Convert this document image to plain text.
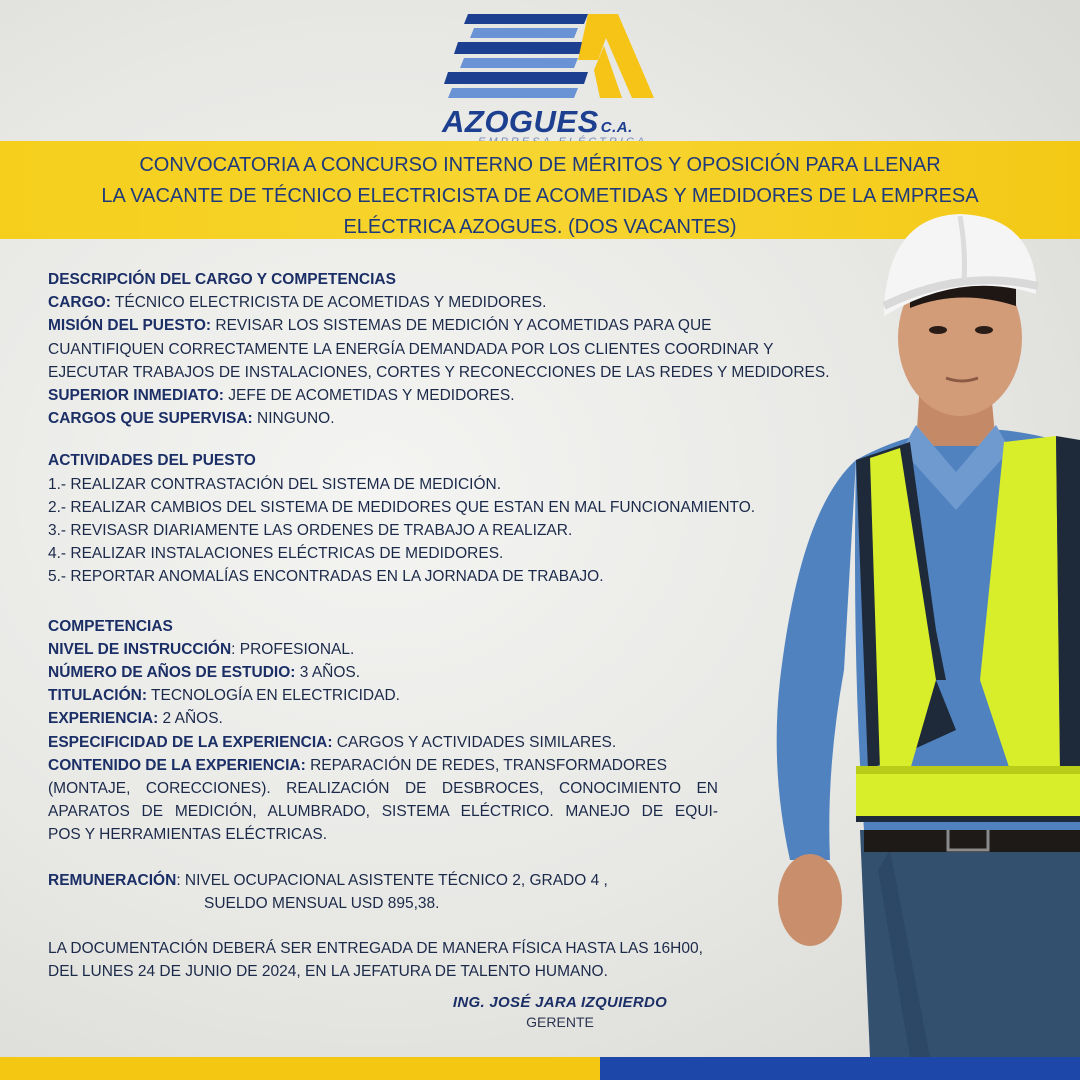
AZOGUES C.A.
CONVOCATORIA A CONCURSO INTERNO DE MÉRITOS Y OPOSICIÓN PARA LLENAR
LA VACANTE DE TÉCNICO ELECTRICISTA DE ACOMETIDAS Y MEDIDORES DE LA EMPRESA
ELÉCTRICA AZOGUES. (DOS VACANTES)
DESCRIPCIÓN DEL CARGO Y COMPETENCIAS
CARGO: TÉCNICO ELECTRICISTA DE ACOMETIDAS Y MEDIDORES.
MISIÓN DEL PUESTO: REVISAR LOS SISTEMAS DE MEDICIÓN Y ACOMETIDAS PARA QUE
CUANTIFIQUEN CORRECTAMENTE LA ENERGÍA DEMANDADA POR LOS CLIENTES COORDINAR Y
EJECUTAR TRABAJOS DE INSTALACIONES, CORTES Y RECONECCIONES DE LAS REDES Y MEDIDORES.
SUPERIOR INMEDIATO: JEFE DE ACOMETIDAS Y MEDIDORES.
CARGOS QUE SUPERVISA: NINGUNO.
ACTIVIDADES DEL PUESTO
1.- REALIZAR CONTRASTACIÓN DEL SISTEMA DE MEDICIÓN.
2.- REALIZAR CAMBIOS DEL SISTEMA DE MEDIDORES QUE ESTAN EN MAL FUNCIONAMIENTO.
3.- REVISASR DIARIAMENTE LAS ORDENES DE TRABAJO A REALIZAR.
4.- REALIZAR INSTALACIONES ELÉCTRICAS DE MEDIDORES.
5.- REPORTAR ANOMALÍAS ENCONTRADAS EN LA JORNADA DE TRABAJO.
COMPETENCIAS
NIVEL DE INSTRUCCIÓN: PROFESIONAL.
NÚMERO DE AÑOS DE ESTUDIO: 3 AÑOS.
TITULACIÓN: TECNOLOGÍA EN ELECTRICIDAD.
EXPERIENCIA: 2 AÑOS.
ESPECIFICIDAD DE LA EXPERIENCIA: CARGOS Y ACTIVIDADES SIMILARES.
CONTENIDO DE LA EXPERIENCIA: REPARACIÓN DE REDES, TRANSFORMADORES
(MONTAJE, CORECCIONES). REALIZACIÓN DE DESBROCES, CONOCIMIENTO EN
APARATOS DE MEDICIÓN, ALUMBRADO, SISTEMA ELÉCTRICO. MANEJO DE EQUI-
POS Y HERRAMIENTAS ELÉCTRICAS.
REMUNERACIÓN: NIVEL OCUPACIONAL ASISTENTE TÉCNICO 2, GRADO 4 ,
SUELDO MENSUAL USD 895,38.
LA DOCUMENTACIÓN DEBERÁ SER ENTREGADA DE MANERA FÍSICA HASTA LAS 16H00,
DEL LUNES 24 DE JUNIO DE 2024, EN LA JEFATURA DE TALENTO HUMANO.
ING. JOSÉ JARA IZQUIERDO
GERENTE
